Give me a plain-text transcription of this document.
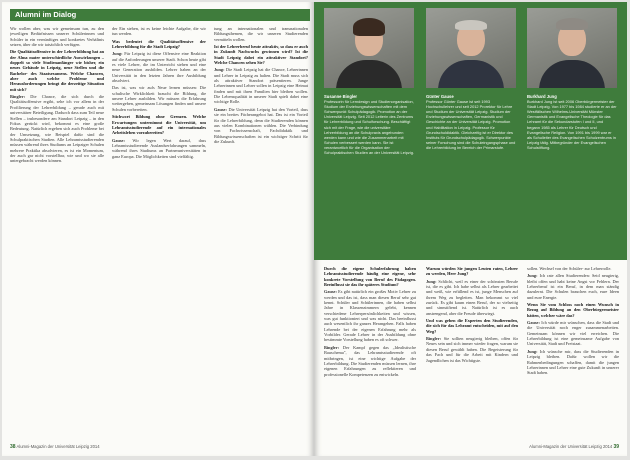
Alumni im Dialog

Wir wollen aber, was wir gemeinsam tun, zu den jeweiligen Bedürfnissen unserer Schülerinnen und Schüler in ein vernünftiges und konkretes Verhältnis setzen, über die wir tatsächlich verfügen.

Die Qualitätsoffensive in der Lehrerbildung hat an der Alma mater unterschiedliche Auswirkungen – doppelt so viele Studienanfänger wie bisher, ein neues Gebäude in Leipzig, neue Stellen und die Bachelor- des Staatsexamens. Welche Chancen, aber auch welche Probleme und Herausforderungen bringt die derzeitige Situation mit sich?

Bingler: Die Chance, die sich durch die Qualitätsoffensive ergibt, sehe ich vor allem in der Profilierung der Lehrerbildung – gerade auch mit universitärer Beteiligung. Dadurch dass zum Teil neue Stellen – insbesondere am Standort Leipzig – in den Fokus gerückt wird, bekommt es eine große Bedeutung. Natürlich ergeben sich auch Probleme bei der Umsetzung, wie Beispiel dafür sind die Schulpraktischen Studien. Alle Lehramtsstudierenden müssen während ihres Studiums an Leipziger Schulen mehrere Praktika absolvieren, es ist ein Momentum, der auch gar nicht vorstellbar, wie und wo sie alle untergebracht werden können.

der Ein stehen, ist es keine leichte Aufgabe, die wir tun werden.

Was bedeutet die Qualitätsoffensive der Lehrerbildung für die Stadt Leipzig?

Jung: Für Leipzig ist diese Offensive eine Reaktion auf die Anforderungen unserer Stadt. Schon heute gibt es viele Lehrer, die im Unterricht stehen und eine neue Generation ausbilden. Lehrer haben an der Universität in den letzten Jahren ihre Ausbildung absolviert.

Das ist, was wir aufs Neue lernen müssen: Die schulische Wirklichkeit braucht die Bildung, die unsere Lehrer ausbilden. Wir müssen die Erfahrung weitergeben, gemeinsam Lösungen finden und unsere Schulen vorbereiten.

Stichwort Bildung ohne Grenzen. Welche Erwartungen unternimmt die Universität, um Lehramtsstudierende auf ein internationales Arbeitsleben vorzubereiten?

Gause: Wir legen Wert darauf, dass Lehramtsstudierende Auslandserfahrungen sammeln, während ihres Studiums an Partneruniversitäten in ganz Europa. Die Möglichkeiten sind vielfältig.

tung an internationalen und transnationalen Bildungsthemen, die wir unseren Studierenden vermitteln wollen.

Ist der Lehrerberuf heute attraktiv, so dass er auch in Zukunft Nachwuchs gewinnen wird? Ist die Stadt Leipzig dabei ein attraktiver Standort? Welche Chancen sehen Sie?

Jung: Die Stadt Leipzig hat die Chance, Lehrerinnen und Lehrer in Leipzig zu halten. Die Stadt muss sich als attraktiver Standort präsentieren. Junge Lehrerinnen und Lehrer sollen in Leipzig eine Heimat finden und mit ihren Familien hier bleiben wollen. Die Lebensqualität in unserer Stadt spielt dabei eine wichtige Rolle.

Gause: Die Universität Leipzig hat den Vorteil, dass sie ein breites Fächerangebot hat. Das ist ein Vorteil für die Lehrerbildung, denn die Studierenden können aus vielen Kombinationen wählen. Die Verbindung von Fachwissenschaft, Fachdidaktik und Bildungswissenschaften ist ein wichtiger Schritt für die Zukunft.

38 Alumni-Magazin der Universität Leipzig 2014
Susanne Bingler
Professorin für Lerndesign und Studienorganisation, Studium der Erziehungswissenschaften mit dem Schwerpunkt Schulpädagogik. Promotion an der Universität Leipzig. Seit 2012 Leiterin des Zentrums für Lehrerbildung und Schulforschung. Beschäftigt sich mit der Frage, wie die universitäre Lehrerbildung an die Schulpraxis angebunden werden kann und wie die Zusammenarbeit mit Schulen verbessert werden kann. Sie ist verantwortlich für die Organisation der Schulpraktischen Studien an der Universität Leipzig.
Günter Gause
Professor Günter Gause ist seit 1993 Hochschullehrer und seit 2012 Prorektor für Lehre und Studium der Universität Leipzig. Studium der Erziehungswissenschaften, Germanistik und Geschichte an der Universität Leipzig. Promotion und Habilitation in Leipzig. Professor für Grundschuldidaktik. Gleichzeitig ist er Direktor des Instituts für Grundschulpädagogik. Schwerpunkte seiner Forschung sind die Schuleingangsphase und die Lehrerbildung im Bereich der Primarstufe.
Burkhard Jung
Burkhard Jung ist seit 2006 Oberbürgermeister der Stadt Leipzig. Von 1977 bis 1984 studierte er an der Westfälischen Wilhelms-Universität Münster Germanistik und Evangelische Theologie für das Lehramt für die Sekundarstufen I und II, und begann 1985 als Lehrer für Deutsch und Evangelische Religion. Von 1991 bis 1999 war er als Schulleiter des Evangelischen Schulzentrums in Leipzig tätig. Mitbegründer der Evangelischen Schulstiftung.

Durch die eigene Schulerfahrung haben Lehramtsstudierende häufig eine eigene, sehr konkrete Vorstellung von Beruf des Pädagogen. Beeinflusst sie das ihr späteres Studium?

Gause: Es gibt natürlich ein großes Motiv Lehrer zu werden und das ist, dass man diesen Beruf sehr gut kennt. Schüler und Schülerinnen, die haben selbst Jahre in Klassenzimmern gelebt, kennen verschiedene Lehrerpersönlichkeiten und wissen, was gut funktioniert und was nicht. Das beeinflusst auch wesentlich ihr ganzes Herangehen. Falls haben Lehrende bei der eigenen Erfahrung mehr als Vorbilder. Gerade Lehrer in der Ausbildung ohne bestimmte Vorstellung haben es oft schwer.

Bingler: Der Kampf gegen das „Idealistische Bauschema", das Lehramtsstudierende oft mitbringen, ist eine wichtige Aufgabe der Lehrerbildung. Die Studierenden müssen lernen, ihre eigenen Erfahrungen zu reflektieren und professionelle Kompetenzen zu entwickeln.

Warum würden Sie jungen Leuten raten, Lehrer zu werden, Herr Jung?

Jung: Schlicht, weil es einer der schönsten Berufe ist, die es gibt. Ich habe selbst als Lehrer gearbeitet und weiß, wie erfüllend es ist, junge Menschen auf ihrem Weg zu begleiten. Man bekommt so viel zurück. Es gibt kaum einen Beruf, der so vielseitig und sinnstiftend ist. Natürlich ist es auch anstrengend, aber die Freude überwiegt.

Und was geben die Experten den Studierenden, die sich für das Lehramt entscheiden, mit auf den Weg?

Bingler: Sie sollten neugierig bleiben, offen für Neues sein und sich immer wieder fragen, warum sie diesen Beruf gewählt haben. Die Begeisterung für das Fach und für die Arbeit mit Kindern und Jugendlichen ist das Wichtigste.

sollen. Wechsel von der Schüler- zur Lehrerrolle.

Jung: Ich rate allen Studierenden: Seid neugierig, bleibt offen und habt keine Angst vor Fehlern. Der Lehrerberuf ist ein Beruf, in dem man ständig dazulernt. Die Schulen brauchen euch, eure Ideen und eure Energie.

Wenn Sie vom Schloss noch einen Wunsch in Bezug auf Bildung an den Oberbürgermeister hätten, welcher wäre das?

Gause: Ich würde mir wünschen, dass die Stadt und die Universität noch enger zusammenarbeiten. Gemeinsam können wir viel erreichen. Die Lehrerbildung ist eine gemeinsame Aufgabe von Universität, Stadt und Freistaat.

Jung: Ich wünsche mir, dass die Studierenden in Leipzig bleiben. Dafür wollen wir die Rahmenbedingungen schaffen, damit die jungen Lehrerinnen und Lehrer eine gute Zukunft in unserer Stadt haben.

Alumni-Magazin der Universität Leipzig 2014 39
